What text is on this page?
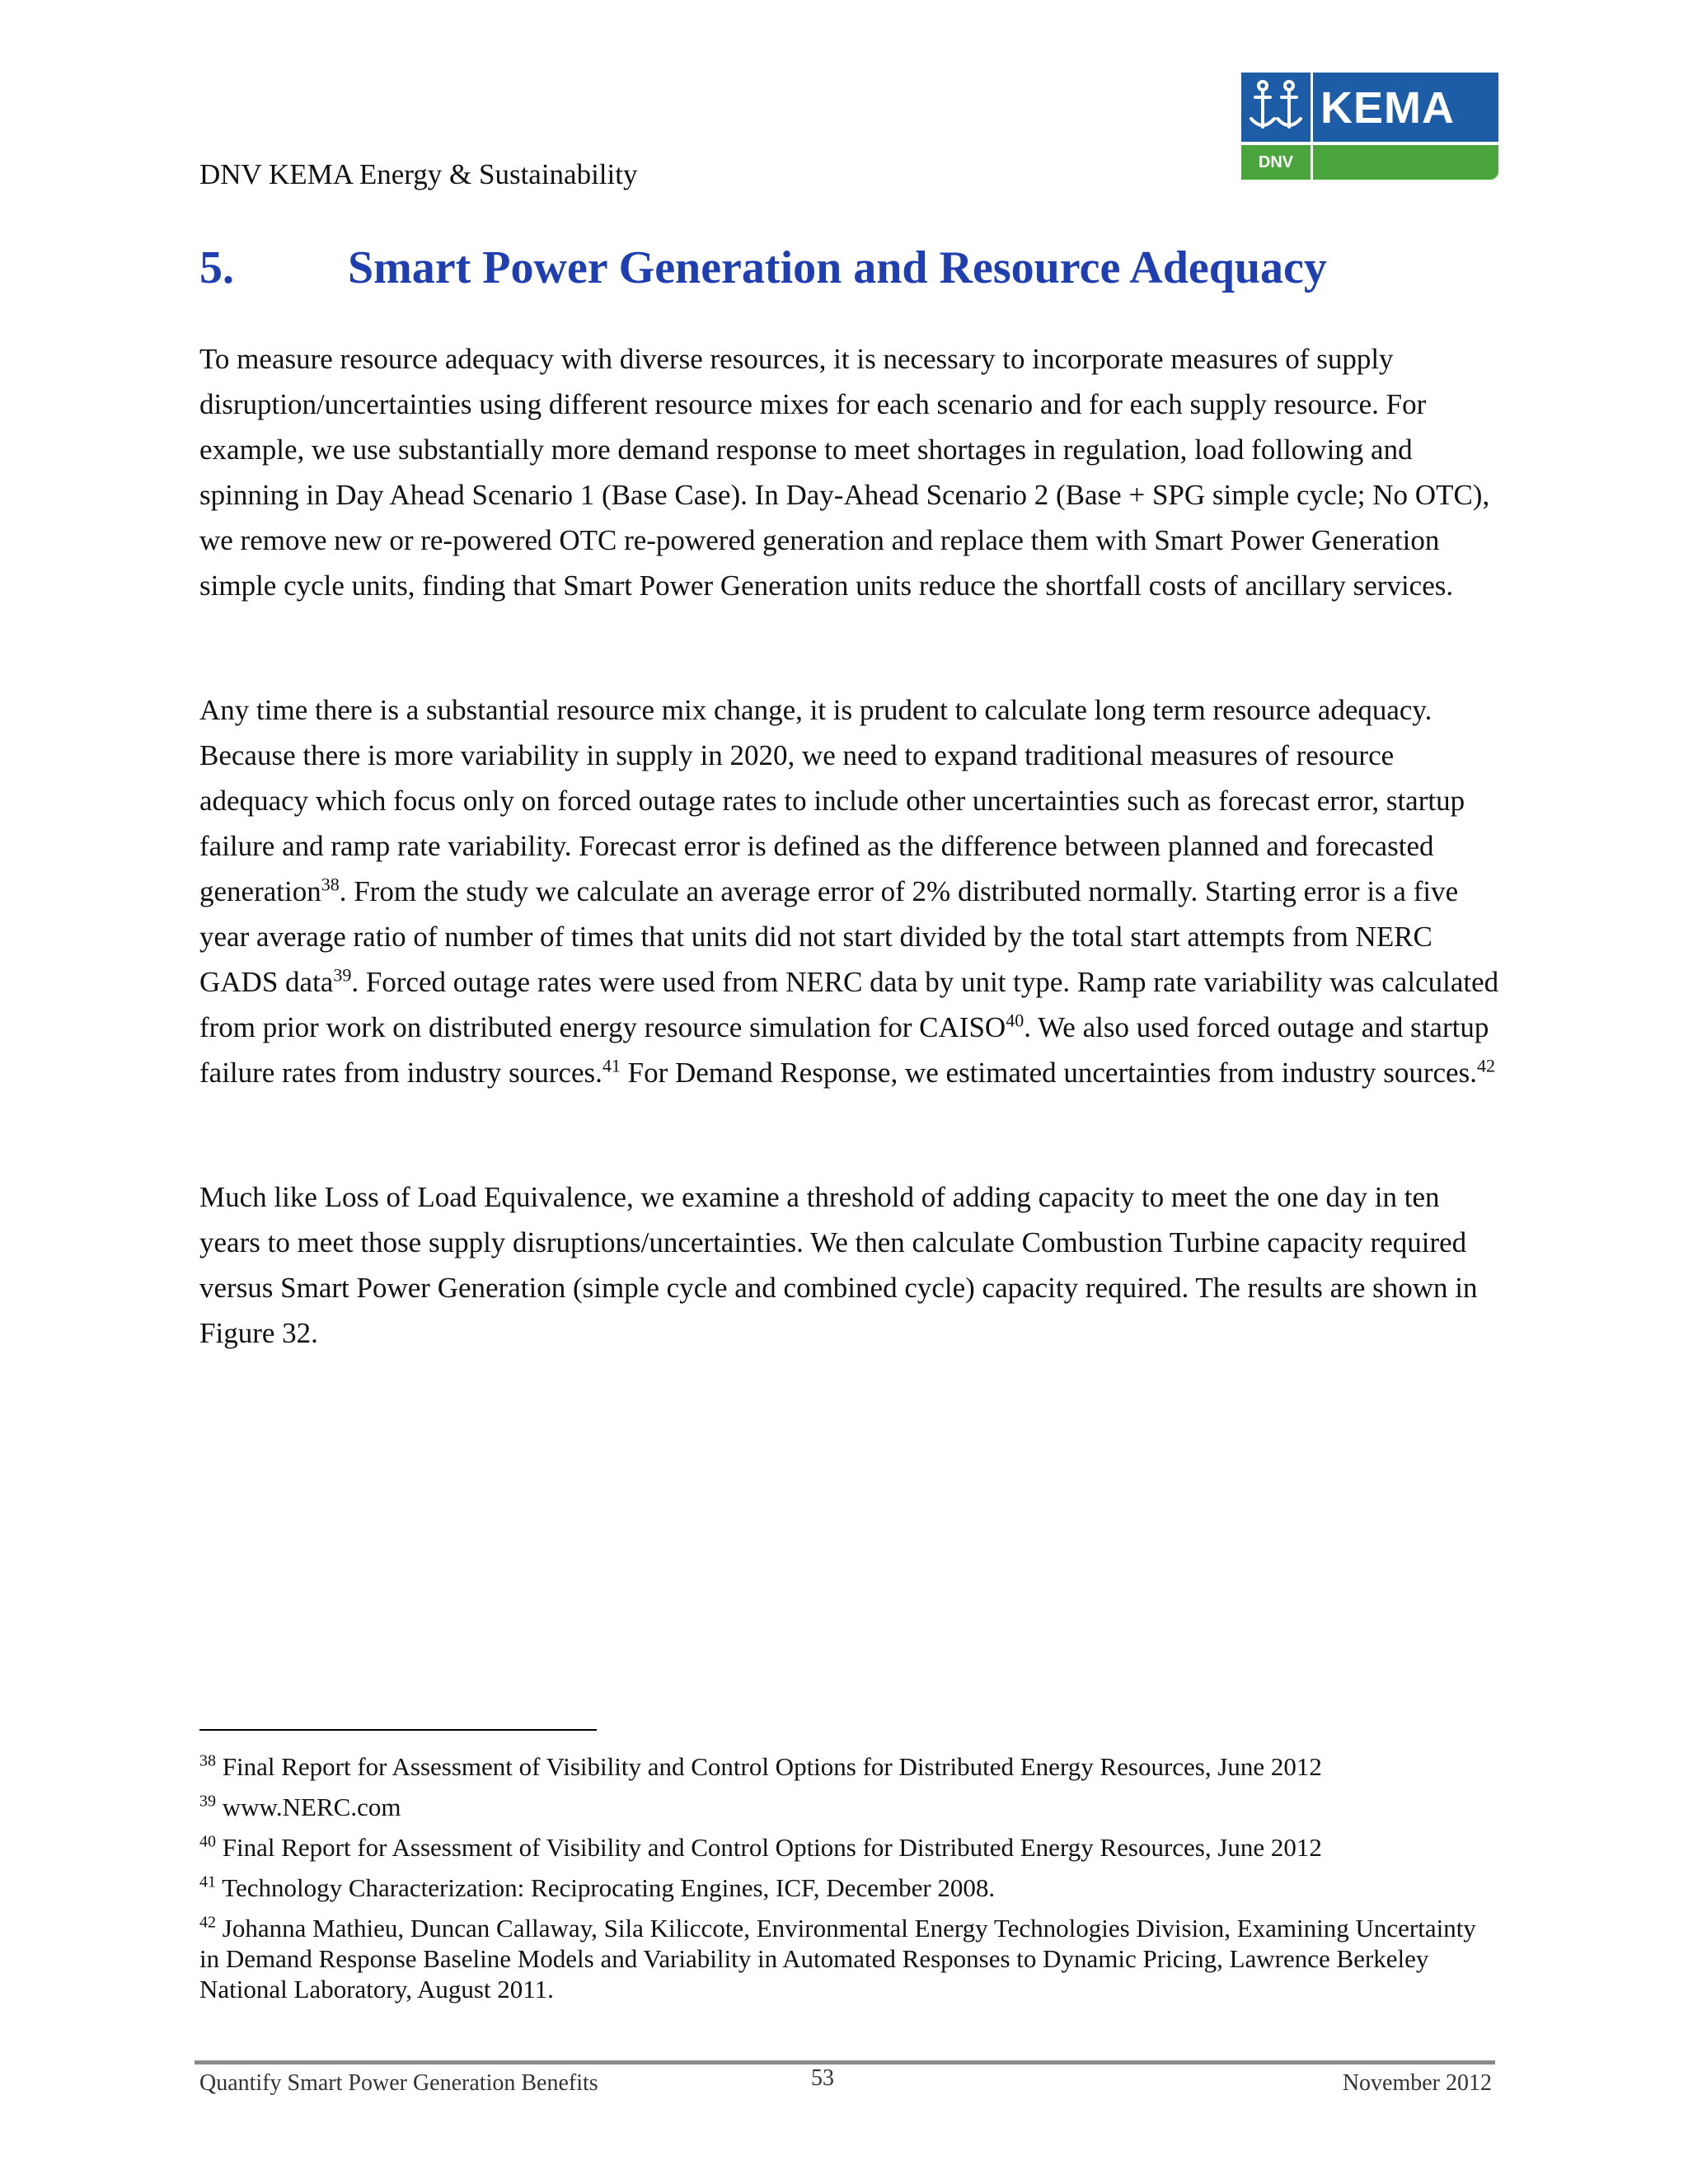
DNV KEMA Energy & Sustainability
KEMA
DNV
5. Smart Power Generation and Resource Adequacy

To measure resource adequacy with diverse resources, it is necessary to incorporate measures of supply disruption/uncertainties using different resource mixes for each scenario and for each supply resource. For example, we use substantially more demand response to meet shortages in regulation, load following and spinning in Day Ahead Scenario 1 (Base Case). In Day-Ahead Scenario 2 (Base + SPG simple cycle; No OTC), we remove new or re-powered OTC re-powered generation and replace them with Smart Power Generation simple cycle units, finding that Smart Power Generation units reduce the shortfall costs of ancillary services.

Any time there is a substantial resource mix change, it is prudent to calculate long term resource adequacy. Because there is more variability in supply in 2020, we need to expand traditional measures of resource adequacy which focus only on forced outage rates to include other uncertainties such as forecast error, startup failure and ramp rate variability. Forecast error is defined as the difference between planned and forecasted generation$^{38}$. From the study we calculate an average error of 2% distributed normally. Starting error is a five year average ratio of number of times that units did not start divided by the total start attempts from NERC GADS data$^{39}$. Forced outage rates were used from NERC data by unit type. Ramp rate variability was calculated from prior work on distributed energy resource simulation for CAISO$^{40}$. We also used forced outage and startup failure rates from industry sources.$^{41}$ For Demand Response, we estimated uncertainties from industry sources.$^{42}$

Much like Loss of Load Equivalence, we examine a threshold of adding capacity to meet the one day in ten years to meet those supply disruptions/uncertainties. We then calculate Combustion Turbine capacity required versus Smart Power Generation (simple cycle and combined cycle) capacity required. The results are shown in Figure 32.

$^{38}$ Final Report for Assessment of Visibility and Control Options for Distributed Energy Resources, June 2012

$^{39}$ www.NERC.com

$^{40}$ Final Report for Assessment of Visibility and Control Options for Distributed Energy Resources, June 2012

$^{41}$ Technology Characterization: Reciprocating Engines, ICF, December 2008.

$^{42}$ Johanna Mathieu, Duncan Callaway, Sila Kiliccote, Environmental Energy Technologies Division, Examining Uncertainty in Demand Response Baseline Models and Variability in Automated Responses to Dynamic Pricing, Lawrence Berkeley National Laboratory, August 2011.

Quantify Smart Power Generation Benefits	53	November 2012
